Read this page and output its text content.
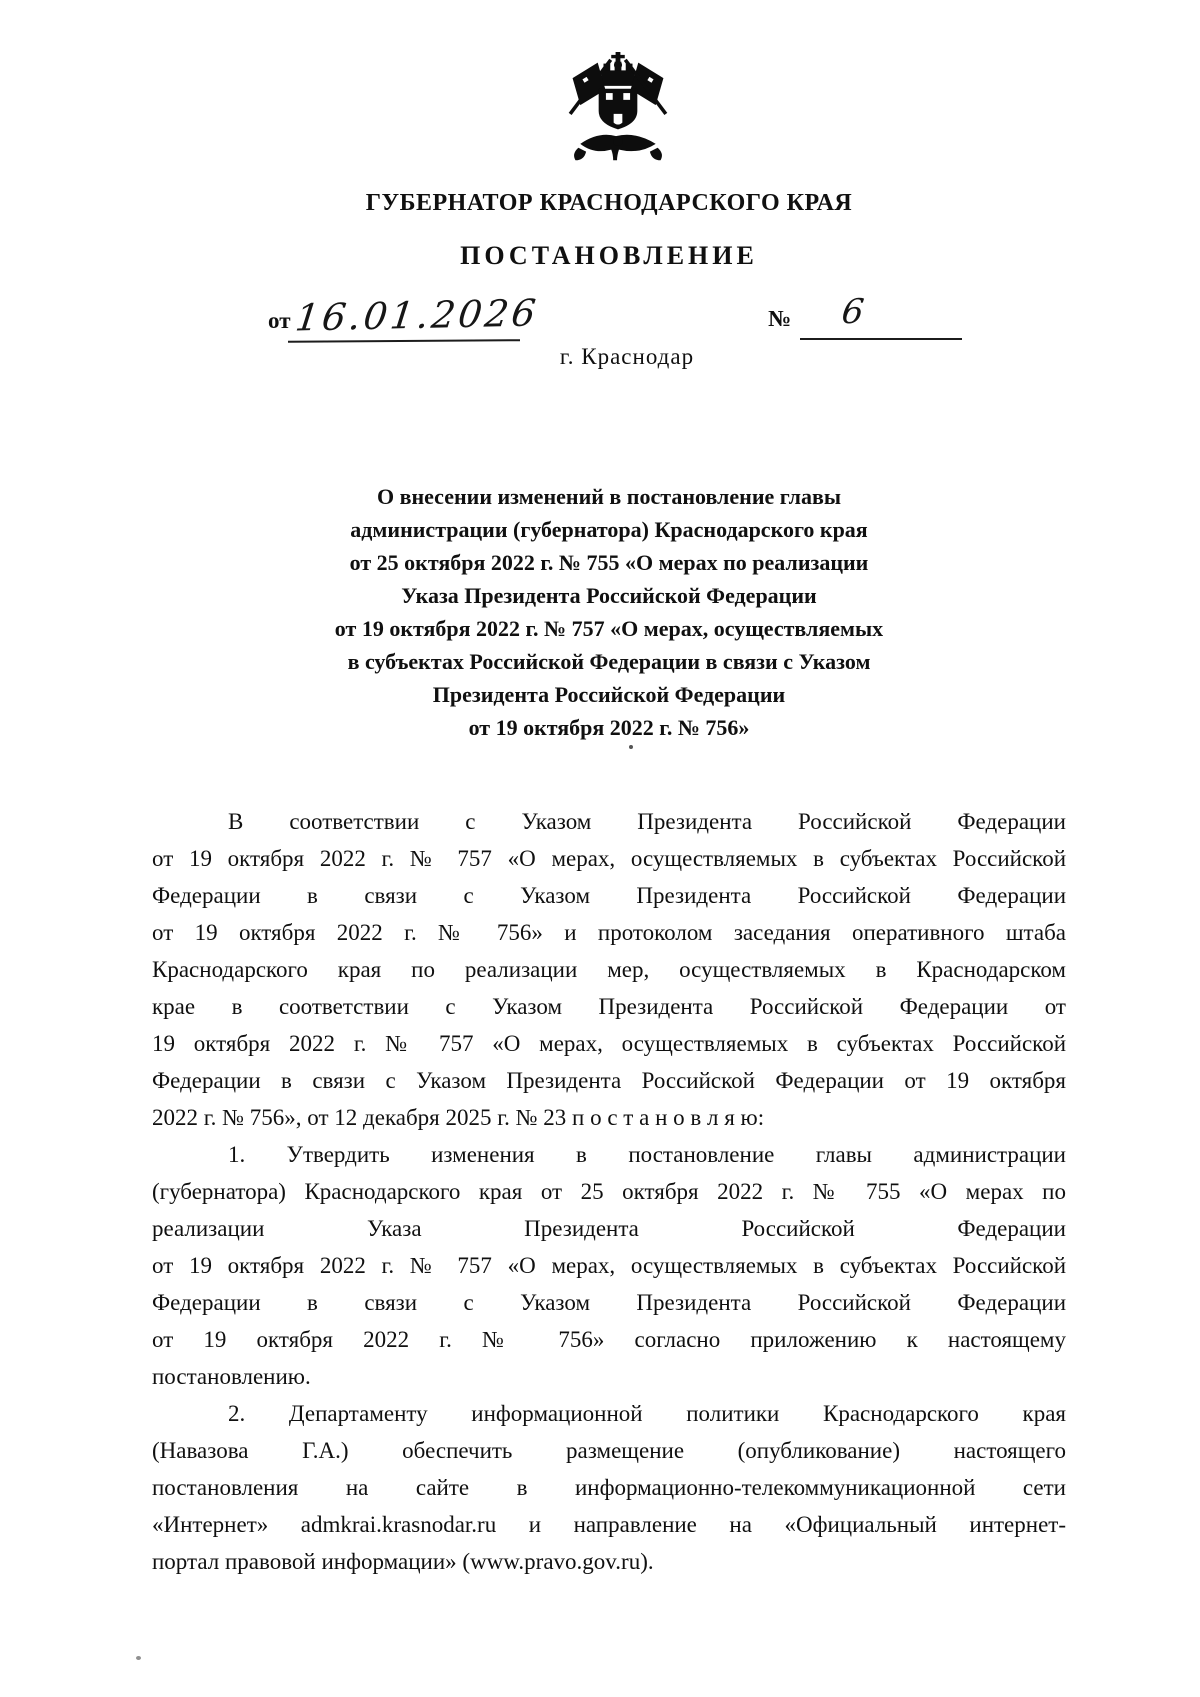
ГУБЕРНАТОР КРАСНОДАРСКОГО КРАЯ
ПОСТАНОВЛЕНИЕ
от 16.01.2026	№ 6
г. Краснодар
О внесении изменений в постановление главы
администрации (губернатора) Краснодарского края
от 25 октября 2022 г. № 755 «О мерах по реализации
Указа Президента Российской Федерации
от 19 октября 2022 г. № 757 «О мерах, осуществляемых
в субъектах Российской Федерации в связи с Указом
Президента Российской Федерации
от 19 октября 2022 г. № 756»
В соответствии с Указом Президента Российской Федерации
от 19 октября 2022 г. № 757 «О мерах, осуществляемых в субъектах Российской
Федерации в связи с Указом Президента Российской Федерации
от 19 октября 2022 г. № 756» и протоколом заседания оперативного штаба
Краснодарского края по реализации мер, осуществляемых в Краснодарском
крае в соответствии с Указом Президента Российской Федерации от
19 октября 2022 г. № 757 «О мерах, осуществляемых в субъектах Российской
Федерации в связи с Указом Президента Российской Федерации от 19 октября
2022 г. № 756», от 12 декабря 2025 г. № 23 п о с т а н о в л я ю:
1. Утвердить изменения в постановление главы администрации
(губернатора) Краснодарского края от 25 октября 2022 г. № 755 «О мерах по
реализации Указа Президента Российской Федерации
от 19 октября 2022 г. № 757 «О мерах, осуществляемых в субъектах Российской
Федерации в связи с Указом Президента Российской Федерации
от 19 октября 2022 г. № 756» согласно приложению к настоящему
постановлению.
2. Департаменту информационной политики Краснодарского края
(Навазова Г.А.) обеспечить размещение (опубликование) настоящего
постановления на сайте в информационно-телекоммуникационной сети
«Интернет» admkrai.krasnodar.ru и направление на «Официальный интернет-
портал правовой информации» (www.pravo.gov.ru).
